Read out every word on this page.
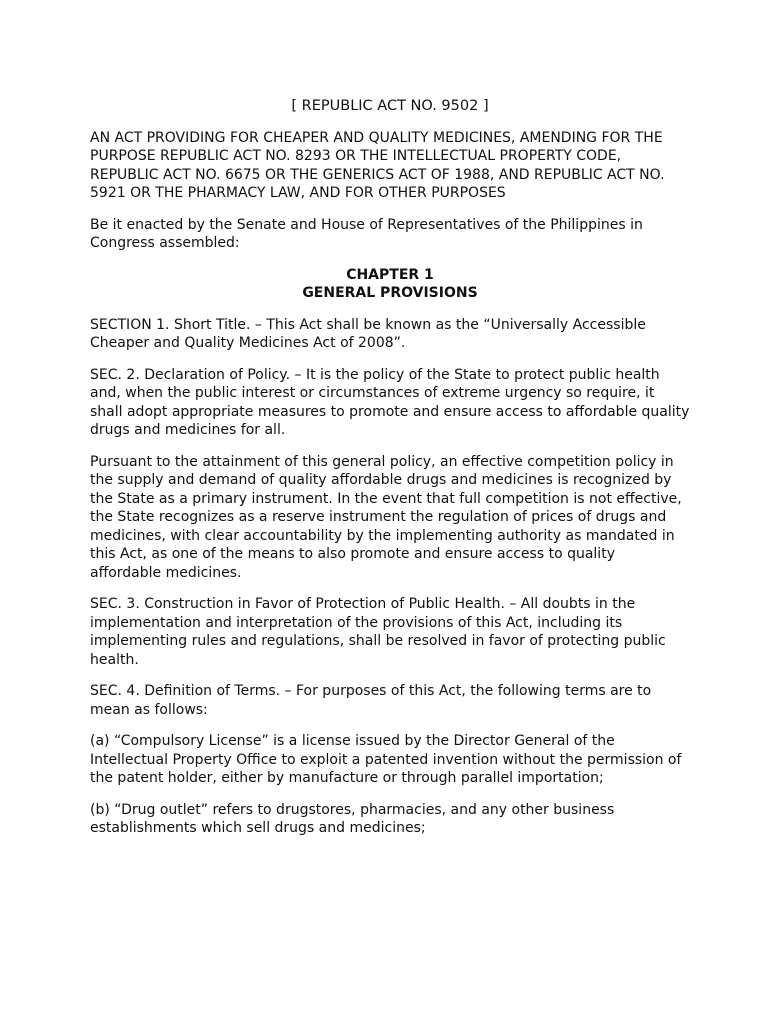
[ REPUBLIC ACT NO. 9502 ]
AN ACT PROVIDING FOR CHEAPER AND QUALITY MEDICINES, AMENDING FOR THE PURPOSE REPUBLIC ACT NO. 8293 OR THE INTELLECTUAL PROPERTY CODE, REPUBLIC ACT NO. 6675 OR THE GENERICS ACT OF 1988, AND REPUBLIC ACT NO. 5921 OR THE PHARMACY LAW, AND FOR OTHER PURPOSES
Be it enacted by the Senate and House of Representatives of the Philippines in Congress assembled:
CHAPTER 1
GENERAL PROVISIONS
SECTION 1. Short Title. – This Act shall be known as the “Universally Accessible Cheaper and Quality Medicines Act of 2008”.
SEC. 2. Declaration of Policy. – It is the policy of the State to protect public health and, when the public interest or circumstances of extreme urgency so require, it shall adopt appropriate measures to promote and ensure access to affordable quality drugs and medicines for all.
Pursuant to the attainment of this general policy, an effective competition policy in the supply and demand of quality affordable drugs and medicines is recognized by the State as a primary instrument. In the event that full competition is not effective, the State recognizes as a reserve instrument the regulation of prices of drugs and medicines, with clear accountability by the implementing authority as mandated in this Act, as one of the means to also promote and ensure access to quality affordable medicines.
SEC. 3. Construction in Favor of Protection of Public Health. – All doubts in the implementation and interpretation of the provisions of this Act, including its implementing rules and regulations, shall be resolved in favor of protecting public health.
SEC. 4. Definition of Terms. – For purposes of this Act, the following terms are to mean as follows:
(a) “Compulsory License” is a license issued by the Director General of the Intellectual Property Office to exploit a patented invention without the permission of the patent holder, either by manufacture or through parallel importation;
(b) “Drug outlet” refers to drugstores, pharmacies, and any other business establishments which sell drugs and medicines;
